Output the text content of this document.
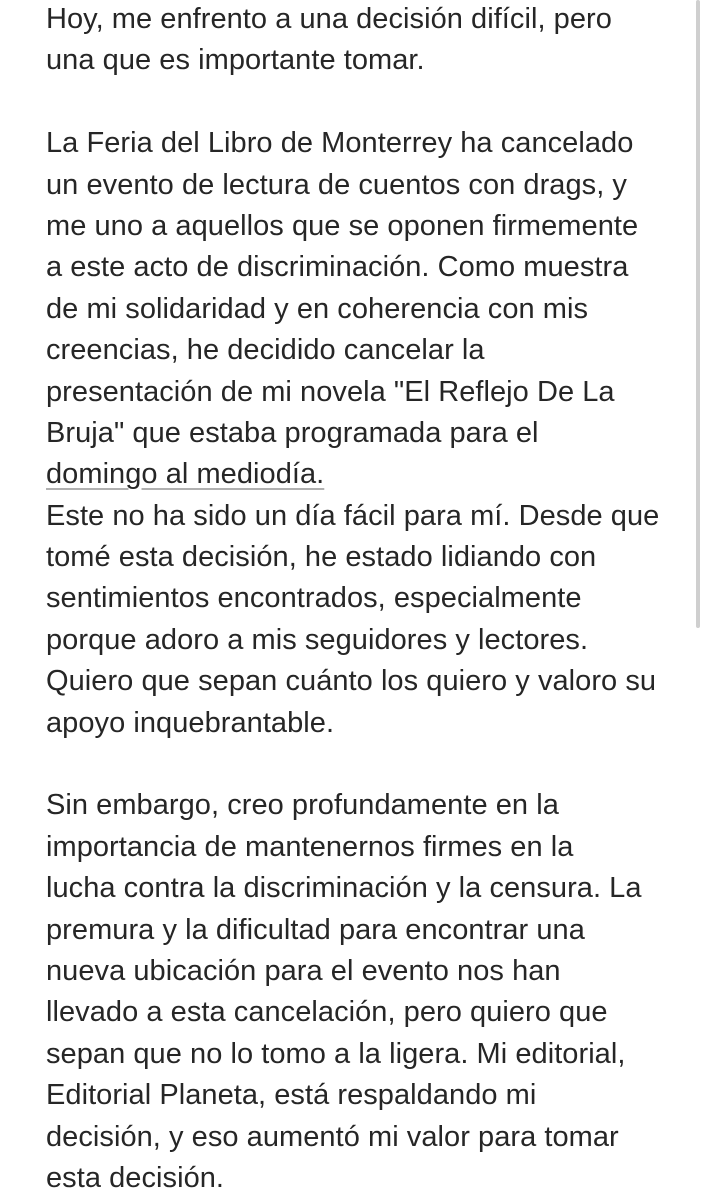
Hoy, me enfrento a una decisión difícil, pero
una que es importante tomar.
La Feria del Libro de Monterrey ha cancelado
un evento de lectura de cuentos con drags, y
me uno a aquellos que se oponen firmemente
a este acto de discriminación. Como muestra
de mi solidaridad y en coherencia con mis
creencias, he decidido cancelar la
presentación de mi novela "El Reflejo De La
Bruja" que estaba programada para el
domingo al mediodía.
Este no ha sido un día fácil para mí. Desde que
tomé esta decisión, he estado lidiando con
sentimientos encontrados, especialmente
porque adoro a mis seguidores y lectores.
Quiero que sepan cuánto los quiero y valoro su
apoyo inquebrantable.
Sin embargo, creo profundamente en la
importancia de mantenernos firmes en la
lucha contra la discriminación y la censura. La
premura y la dificultad para encontrar una
nueva ubicación para el evento nos han
llevado a esta cancelación, pero quiero que
sepan que no lo tomo a la ligera. Mi editorial,
Editorial Planeta, está respaldando mi
decisión, y eso aumentó mi valor para tomar
esta decisión.
